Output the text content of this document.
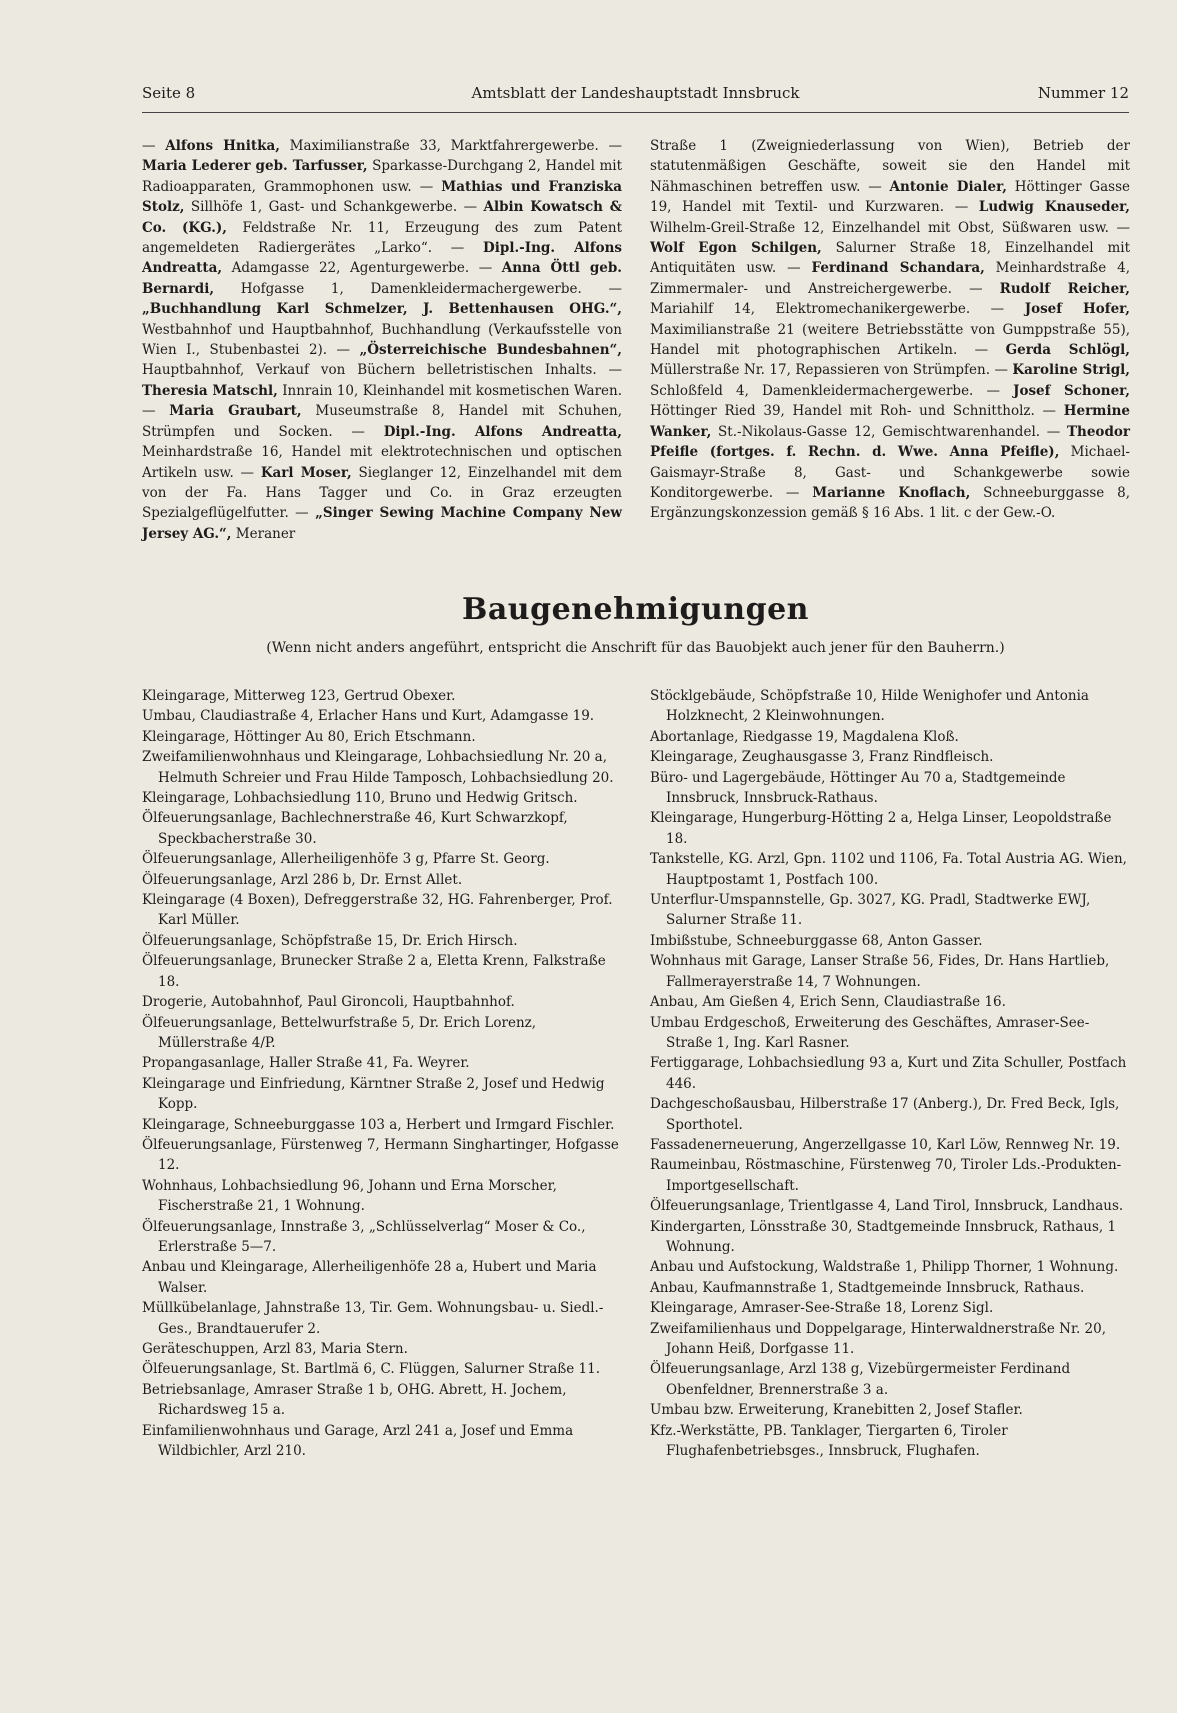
Amtsblatt der Landeshauptstadt Innsbruck
Seite 8	Nummer 12
— Alfons Hnitka, Maximilianstraße 33, Marktfahrergewerbe. — Maria Lederer geb. Tarfusser, Sparkasse-Durchgang 2, Handel mit Radioapparaten, Grammophonen usw. — Mathias und Franziska Stolz, Sillhöfe 1, Gast- und Schankgewerbe. — Albin Kowatsch & Co. (KG.), Feldstraße Nr. 11, Erzeugung des zum Patent angemeldeten Radiergerätes „Larko“. — Dipl.-Ing. Alfons Andreatta, Adamgasse 22, Agenturgewerbe. — Anna Öttl geb. Bernardi, Hofgasse 1, Damenkleidermachergewerbe. — „Buchhandlung Karl Schmelzer, J. Bettenhausen OHG.“, Westbahnhof und Hauptbahnhof, Buchhandlung (Verkaufsstelle von Wien I., Stubenbastei 2). — „Österreichische Bundesbahnen“, Hauptbahnhof, Verkauf von Büchern belletristischen Inhalts. — Theresia Matschl, Innrain 10, Kleinhandel mit kosmetischen Waren. — Maria Graubart, Museumstraße 8, Handel mit Schuhen, Strümpfen und Socken. — Dipl.-Ing. Alfons Andreatta, Meinhardstraße 16, Handel mit elektrotechnischen und optischen Artikeln usw. — Karl Moser, Sieglanger 12, Einzelhandel mit dem von der Fa. Hans Tagger und Co. in Graz erzeugten Spezialgeflügelfutter. — „Singer Sewing Machine Company New Jersey AG.“, Meraner
Straße 1 (Zweigniederlassung von Wien), Betrieb der statutenmäßigen Geschäfte, soweit sie den Handel mit Nähmaschinen betreffen usw. — Antonie Dialer, Höttinger Gasse 19, Handel mit Textil- und Kurzwaren. — Ludwig Knauseder, Wilhelm-Greil-Straße 12, Einzelhandel mit Obst, Süßwaren usw. — Wolf Egon Schilgen, Salurner Straße 18, Einzelhandel mit Antiquitäten usw. — Ferdinand Schandara, Meinhardstraße 4, Zimmermaler- und Anstreichergewerbe. — Rudolf Reicher, Mariahilf 14, Elektromechanikergewerbe. — Josef Hofer, Maximilianstraße 21 (weitere Betriebsstätte von Gumppstraße 55), Handel mit photographischen Artikeln. — Gerda Schlögl, Müllerstraße Nr. 17, Repassieren von Strümpfen. — Karoline Strigl, Schloßfeld 4, Damenkleidermachergewerbe. — Josef Schoner, Höttinger Ried 39, Handel mit Roh- und Schnittholz. — Hermine Wanker, St.-Nikolaus-Gasse 12, Gemischtwarenhandel. — Theodor Pfeifle (fortges. f. Rechn. d. Wwe. Anna Pfeifle), Michael-Gaismayr-Straße 8, Gast- und Schankgewerbe sowie Konditorgewerbe. — Marianne Knoflach, Schneeburggasse 8, Ergänzungskonzession gemäß § 16 Abs. 1 lit. c der Gew.-O.
Baugenehmigungen
(Wenn nicht anders angeführt, entspricht die Anschrift für das Bauobjekt auch jener für den Bauherrn.)

Kleingarage, Mitterweg 123, Gertrud Obexer.

Umbau, Claudiastraße 4, Erlacher Hans und Kurt, Adamgasse 19.

Kleingarage, Höttinger Au 80, Erich Etschmann.

Zweifamilienwohnhaus und Kleingarage, Lohbachsiedlung Nr. 20 a, Helmuth Schreier und Frau Hilde Tamposch, Lohbachsiedlung 20.

Kleingarage, Lohbachsiedlung 110, Bruno und Hedwig Gritsch.

Ölfeuerungsanlage, Bachlechnerstraße 46, Kurt Schwarzkopf, Speckbacherstraße 30.

Ölfeuerungsanlage, Allerheiligenhöfe 3 g, Pfarre St. Georg.

Ölfeuerungsanlage, Arzl 286 b, Dr. Ernst Allet.

Kleingarage (4 Boxen), Defreggerstraße 32, HG. Fahrenberger, Prof. Karl Müller.

Ölfeuerungsanlage, Schöpfstraße 15, Dr. Erich Hirsch.

Ölfeuerungsanlage, Brunecker Straße 2 a, Eletta Krenn, Falkstraße 18.

Drogerie, Autobahnhof, Paul Gironcoli, Hauptbahnhof.

Ölfeuerungsanlage, Bettelwurfstraße 5, Dr. Erich Lorenz, Müllerstraße 4/P.

Propangasanlage, Haller Straße 41, Fa. Weyrer.

Kleingarage und Einfriedung, Kärntner Straße 2, Josef und Hedwig Kopp.

Kleingarage, Schneeburggasse 103 a, Herbert und Irmgard Fischler.

Ölfeuerungsanlage, Fürstenweg 7, Hermann Singhartinger, Hofgasse 12.

Wohnhaus, Lohbachsiedlung 96, Johann und Erna Morscher, Fischerstraße 21, 1 Wohnung.

Ölfeuerungsanlage, Innstraße 3, „Schlüsselverlag“ Moser & Co., Erlerstraße 5—7.

Anbau und Kleingarage, Allerheiligenhöfe 28 a, Hubert und Maria Walser.

Müllkübelanlage, Jahnstraße 13, Tir. Gem. Wohnungsbau- u. Siedl.-Ges., Brandtauerufer 2.

Geräteschuppen, Arzl 83, Maria Stern.

Ölfeuerungsanlage, St. Bartlmä 6, C. Flüggen, Salurner Straße 11.

Betriebsanlage, Amraser Straße 1 b, OHG. Abrett, H. Jochem, Richardsweg 15 a.

Einfamilienwohnhaus und Garage, Arzl 241 a, Josef und Emma Wildbichler, Arzl 210.

Stöcklgebäude, Schöpfstraße 10, Hilde Wenighofer und Antonia Holzknecht, 2 Kleinwohnungen.

Abortanlage, Riedgasse 19, Magdalena Kloß.

Kleingarage, Zeughausgasse 3, Franz Rindfleisch.

Büro- und Lagergebäude, Höttinger Au 70 a, Stadtgemeinde Innsbruck, Innsbruck-Rathaus.

Kleingarage, Hungerburg-Hötting 2 a, Helga Linser, Leopoldstraße 18.

Tankstelle, KG. Arzl, Gpn. 1102 und 1106, Fa. Total Austria AG. Wien, Hauptpostamt 1, Postfach 100.

Unterflur-Umspannstelle, Gp. 3027, KG. Pradl, Stadtwerke EWJ, Salurner Straße 11.

Imbißstube, Schneeburggasse 68, Anton Gasser.

Wohnhaus mit Garage, Lanser Straße 56, Fides, Dr. Hans Hartlieb, Fallmerayerstraße 14, 7 Wohnungen.

Anbau, Am Gießen 4, Erich Senn, Claudiastraße 16.

Umbau Erdgeschoß, Erweiterung des Geschäftes, Amraser-See-Straße 1, Ing. Karl Rasner.

Fertiggarage, Lohbachsiedlung 93 a, Kurt und Zita Schuller, Postfach 446.

Dachgeschoßausbau, Hilberstraße 17 (Anberg.), Dr. Fred Beck, Igls, Sporthotel.

Fassadenerneuerung, Angerzellgasse 10, Karl Löw, Rennweg Nr. 19.

Raumeinbau, Röstmaschine, Fürstenweg 70, Tiroler Lds.-Produkten-Importgesellschaft.

Ölfeuerungsanlage, Trientlgasse 4, Land Tirol, Innsbruck, Landhaus.

Kindergarten, Lönsstraße 30, Stadtgemeinde Innsbruck, Rathaus, 1 Wohnung.

Anbau und Aufstockung, Waldstraße 1, Philipp Thorner, 1 Wohnung.

Anbau, Kaufmannstraße 1, Stadtgemeinde Innsbruck, Rathaus.

Kleingarage, Amraser-See-Straße 18, Lorenz Sigl.

Zweifamilienhaus und Doppelgarage, Hinterwaldnerstraße Nr. 20, Johann Heiß, Dorfgasse 11.

Ölfeuerungsanlage, Arzl 138 g, Vizebürgermeister Ferdinand Obenfeldner, Brennerstraße 3 a.

Umbau bzw. Erweiterung, Kranebitten 2, Josef Stafler.

Kfz.-Werkstätte, PB. Tanklager, Tiergarten 6, Tiroler Flughafenbetriebsges., Innsbruck, Flughafen.
